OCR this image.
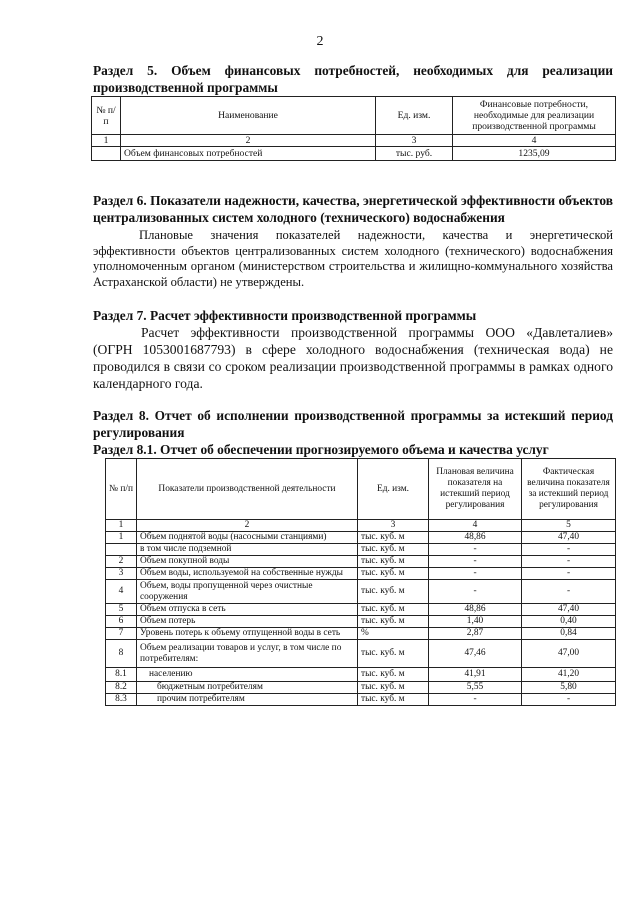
2
Раздел 5. Объем финансовых потребностей, необходимых для реализации производственной программы
№ п/п	Наименование	Ед. изм.	Финансовые потребности, необходимые для реализации производственной программы
1	2	3	4
	Объем финансовых потребностей	тыс. руб.	1235,09
Раздел 6. Показатели надежности, качества, энергетической эффективности объектов централизованных систем холодного (технического) водоснабжения
Плановые значения показателей надежности, качества и энергетической эффективности объектов централизованных систем холодного (технического) водоснабжения уполномоченным органом (министерством строительства и жилищно-коммунального хозяйства Астраханской области) не утверждены.
Раздел 7. Расчет эффективности производственной программы
Расчет эффективности производственной программы ООО «Давлеталиев» (ОГРН 1053001687793) в сфере холодного водоснабжения (техническая вода) не проводился в связи со сроком реализации производственной программы в рамках одного календарного года.
Раздел 8. Отчет об исполнении производственной программы за истекший период регулирования
Раздел 8.1. Отчет об обеспечении прогнозируемого объема и качества услуг
№ п/п	Показатели производственной деятельности	Ед. изм.	Плановая величина показателя на истекший период регулирования	Фактическая величина показателя за истекший период регулирования
1	2	3	4	5
1	Объем поднятой воды (насосными станциями)	тыс. куб. м	48,86	47,40
	в том числе подземной	тыс. куб. м	-	-
2	Объем покупной воды	тыс. куб. м	-	-
3	Объем воды, используемой на собственные нужды	тыс. куб. м	-	-
4	Объем, воды пропущенной через очистные сооружения	тыс. куб. м	-	-
5	Объем отпуска в сеть	тыс. куб. м	48,86	47,40
6	Объем потерь	тыс. куб. м	1,40	0,40
7	Уровень потерь к объему отпущенной воды в сеть	%	2,87	0,84
8	Объем реализации товаров и услуг, в том числе по потребителям:	тыс. куб. м	47,46	47,00
8.1	населению	тыс. куб. м	41,91	41,20
8.2	бюджетным потребителям	тыс. куб. м	5,55	5,80
8.3	прочим потребителям	тыс. куб. м	-	-
